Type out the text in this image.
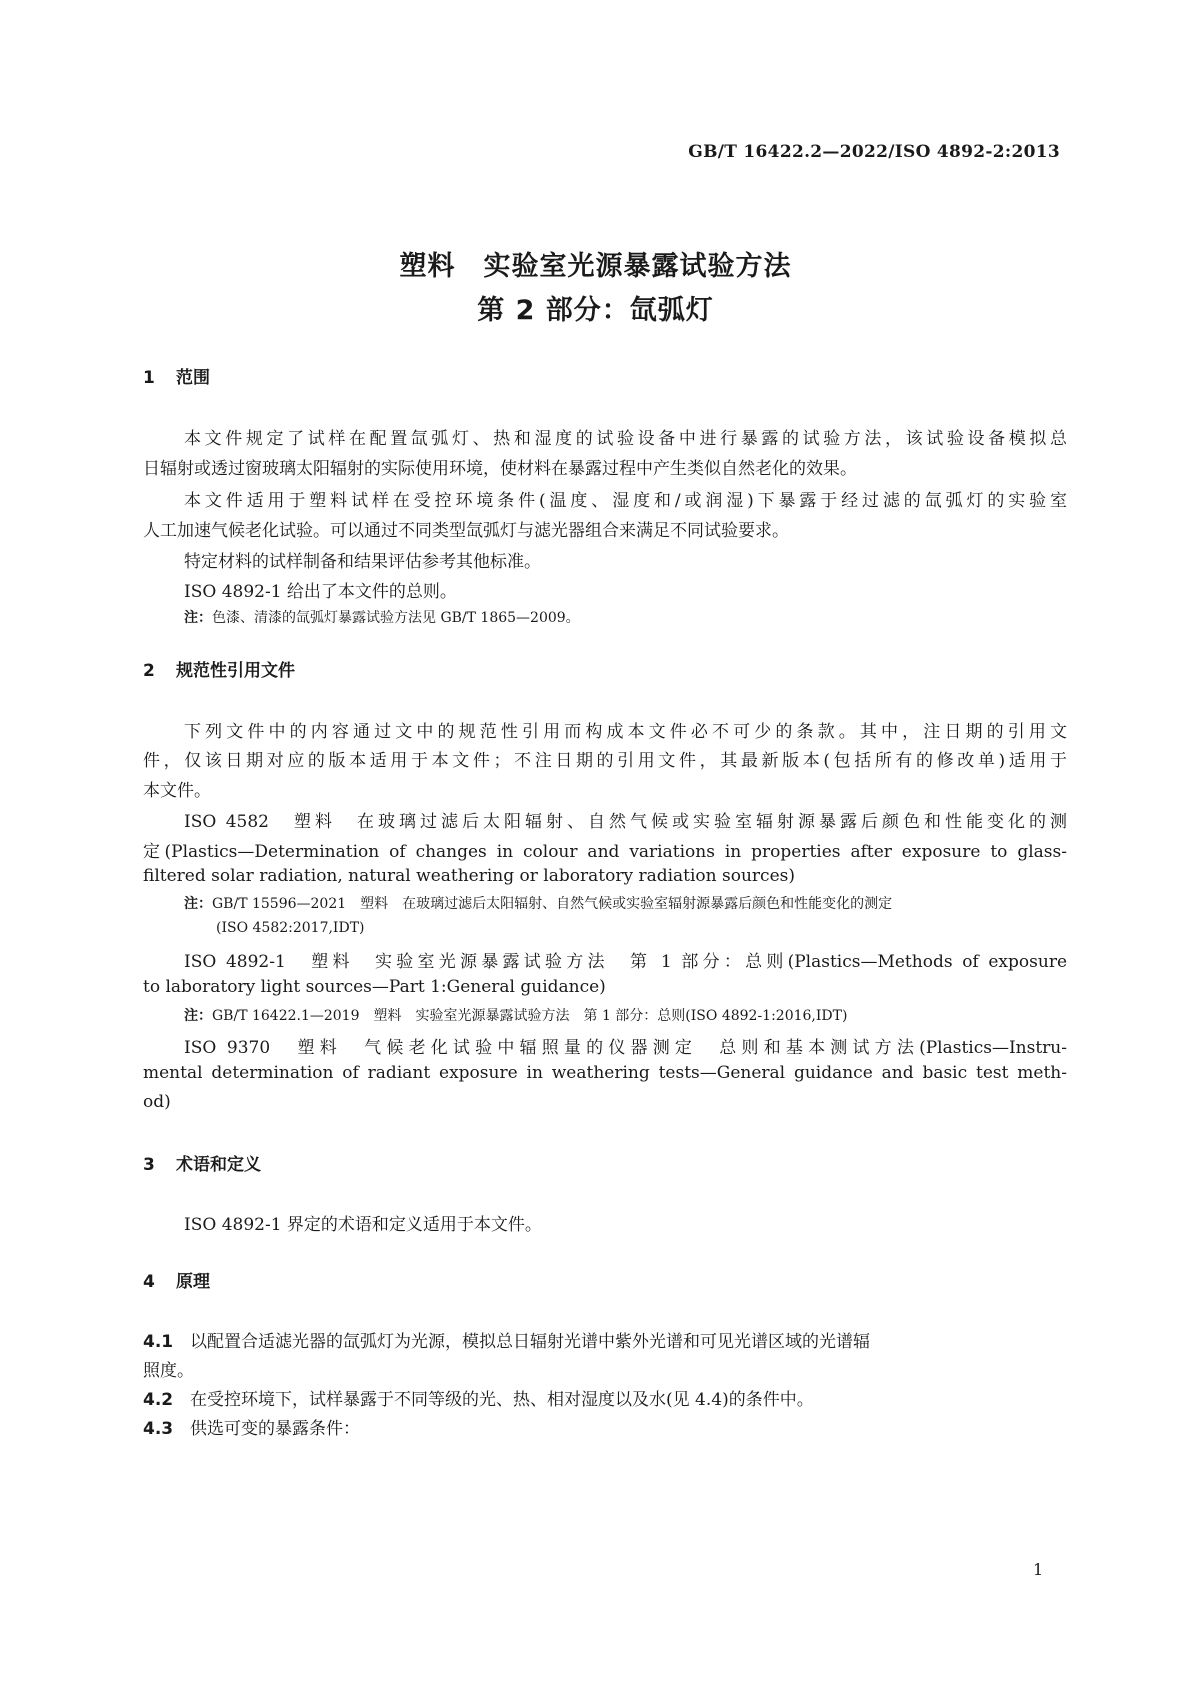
GB/T 16422.2—2022/ISO 4892-2:2013
塑料　实验室光源暴露试验方法
第 2 部分：氙弧灯
1 范围
本文件规定了试样在配置氙弧灯、热和湿度的试验设备中进行暴露的试验方法，该试验设备模拟总
日辐射或透过窗玻璃太阳辐射的实际使用环境，使材料在暴露过程中产生类似自然老化的效果。
本文件适用于塑料试样在受控环境条件(温度、湿度和/或润湿)下暴露于经过滤的氙弧灯的实验室
人工加速气候老化试验。可以通过不同类型氙弧灯与滤光器组合来满足不同试验要求。
特定材料的试样制备和结果评估参考其他标准。
ISO 4892-1 给出了本文件的总则。
注：色漆、清漆的氙弧灯暴露试验方法见 GB/T 1865—2009。
2 规范性引用文件
下列文件中的内容通过文中的规范性引用而构成本文件必不可少的条款。其中，注日期的引用文
件，仅该日期对应的版本适用于本文件；不注日期的引用文件，其最新版本(包括所有的修改单)适用于
本文件。
ISO 4582　塑料　在玻璃过滤后太阳辐射、自然气候或实验室辐射源暴露后颜色和性能变化的测
定(Plastics—Determination of changes in colour and variations in properties after exposure to glass-
filtered solar radiation, natural weathering or laboratory radiation sources)
注：GB/T 15596—2021　塑料　在玻璃过滤后太阳辐射、自然气候或实验室辐射源暴露后颜色和性能变化的测定
(ISO 4582:2017,IDT)
ISO 4892-1　塑料　实验室光源暴露试验方法　第 1 部分：总则(Plastics—Methods of exposure
to laboratory light sources—Part 1:General guidance)
注：GB/T 16422.1—2019　塑料　实验室光源暴露试验方法　第 1 部分：总则(ISO 4892-1:2016,IDT)
ISO 9370　塑料　气候老化试验中辐照量的仪器测定　总则和基本测试方法(Plastics—Instru-
mental determination of radiant exposure in weathering tests—General guidance and basic test meth-
od)
3 术语和定义
ISO 4892-1 界定的术语和定义适用于本文件。
4 原理
4.1 以配置合适滤光器的氙弧灯为光源，模拟总日辐射光谱中紫外光谱和可见光谱区域的光谱辐
照度。
4.2 在受控环境下，试样暴露于不同等级的光、热、相对湿度以及水(见 4.4)的条件中。
4.3 供选可变的暴露条件：
1
